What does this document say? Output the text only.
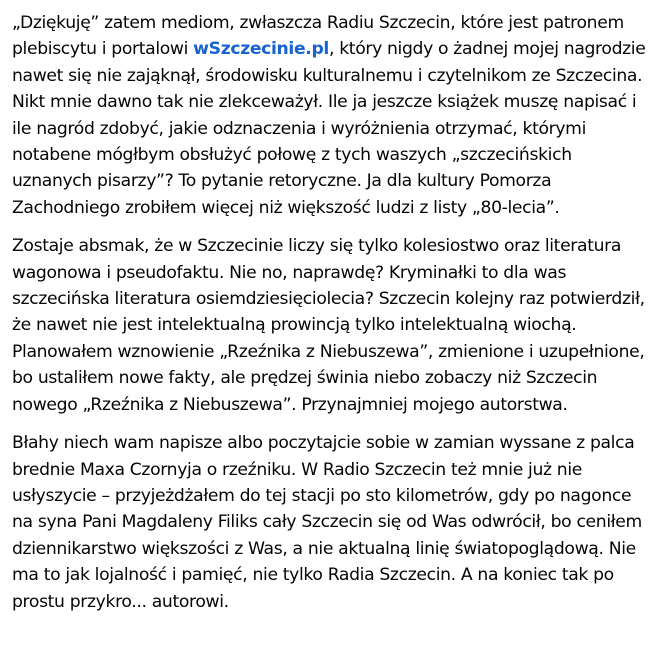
„Dziękuję” zatem mediom, zwłaszcza Radiu Szczecin, które jest patronem plebiscytu i portalowi wSzczecinie.pl, który nigdy o żadnej mojej nagrodzie nawet się nie zająknął, środowisku kulturalnemu i czytelnikom ze Szczecina. Nikt mnie dawno tak nie zlekceważył. Ile ja jeszcze książek muszę napisać i ile nagród zdobyć, jakie odznaczenia i wyróżnienia otrzymać, którymi notabene mógłbym obsłużyć połowę z tych waszych „szczecińskich uznanych pisarzy”? To pytanie retoryczne. Ja dla kultury Pomorza Zachodniego zrobiłem więcej niż większość ludzi z listy „80-lecia”.

Zostaje absmak, że w Szczecinie liczy się tylko kolesiostwo oraz literatura wagonowa i pseudofaktu. Nie no, naprawdę? Kryminałki to dla was szczecińska literatura osiemdziesięciolecia? Szczecin kolejny raz potwierdził, że nawet nie jest intelektualną prowincją tylko intelektualną wiochą. Planowałem wznowienie „Rzeźnika z Niebuszewa”, zmienione i uzupełnione, bo ustaliłem nowe fakty, ale prędzej świnia niebo zobaczy niż Szczecin nowego „Rzeźnika z Niebuszewa”. Przynajmniej mojego autorstwa.

Błahy niech wam napisze albo poczytajcie sobie w zamian wyssane z palca brednie Maxa Czornyja o rzeźniku. W Radio Szczecin też mnie już nie usłyszycie – przyjeżdżałem do tej stacji po sto kilometrów, gdy po nagonce na syna Pani Magdaleny Filiks cały Szczecin się od Was odwrócił, bo ceniłem dziennikarstwo większości z Was, a nie aktualną linię światopoglądową. Nie ma to jak lojalność i pamięć, nie tylko Radia Szczecin. A na koniec tak po prostu przykro... autorowi.
